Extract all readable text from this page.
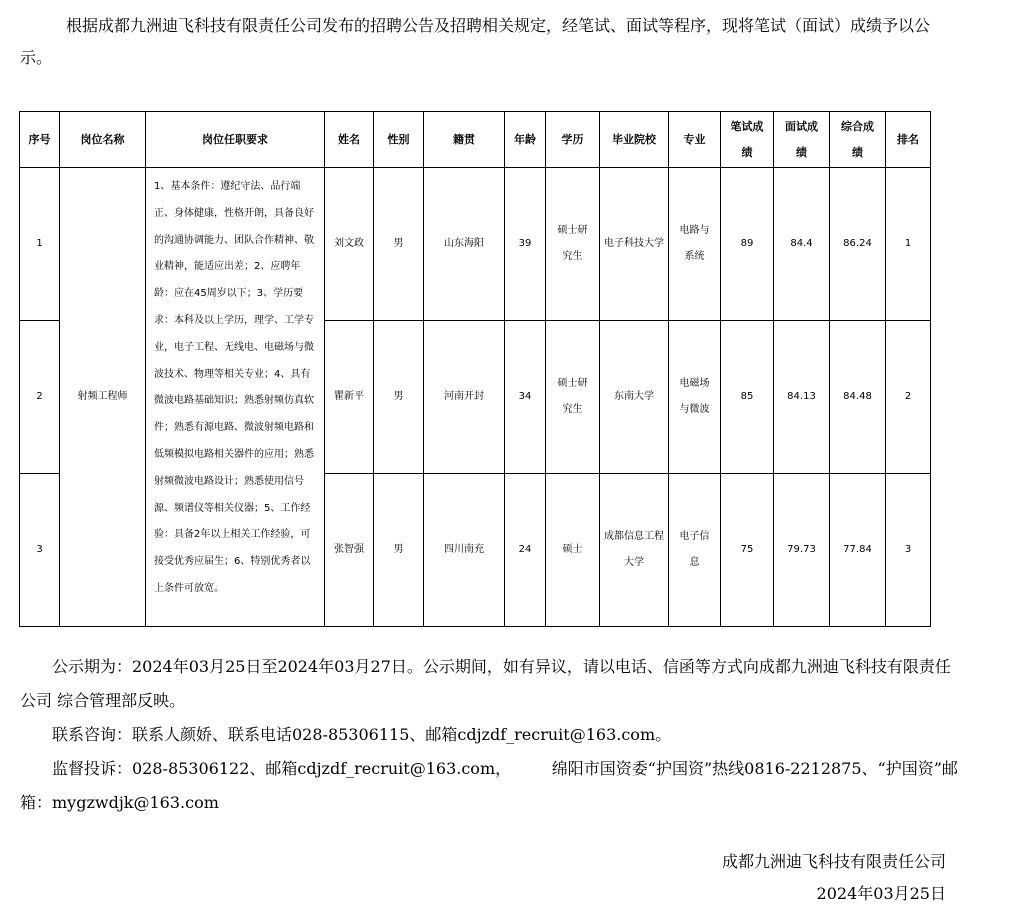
根据成都九洲迪飞科技有限责任公司发布的招聘公告及招聘相关规定，经笔试、面试等程序，现将笔试（面试）成绩予以公示。

序号	岗位名称	岗位任职要求	姓名	性别	籍贯	年龄	学历	毕业院校	专业	笔试成绩	面试成绩	综合成绩	排名
1	射频工程师	1、基本条件：遵纪守法、品行端正、身体健康，性格开朗，具备良好的沟通协调能力、团队合作精神、敬业精神，能适应出差；2、应聘年龄：应在45周岁以下；3、学历要求：本科及以上学历，理学、工学专业，电子工程、无线电、电磁场与微波技术、物理等相关专业；4、具有微波电路基础知识；熟悉射频仿真软件；熟悉有源电路、微波射频电路和低频模拟电路相关器件的应用；熟悉射频微波电路设计；熟悉使用信号源、频谱仪等相关仪器；5、工作经验：具备2年以上相关工作经验，可接受优秀应届生；6、特别优秀者以上条件可放宽。	刘文政	男	山东海阳	39	硕士研究生	电子科技大学	电路与系统	89	84.4	86.24	1
2			瞿新平	男	河南开封	34	硕士研究生	东南大学	电磁场与微波	85	84.13	84.48	2
3			张智强	男	四川南充	24	硕士	成都信息工程大学	电子信息	75	79.73	77.84	3

公示期为：2024年03月25日至2024年03月27日。公示期间，如有异议，请以电话、信函等方式向成都九洲迪飞科技有限责任公司 综合管理部反映。

联系咨询：联系人颜娇、联系电话028-85306115、邮箱cdjzdf_recruit@163.com。

监督投诉：028-85306122、邮箱cdjzdf_recruit@163.com，        绵阳市国资委“护国资”热线0816-2212875、“护国资”邮箱：mygzwdjk@163.com

成都九洲迪飞科技有限责任公司
2024年03月25日
